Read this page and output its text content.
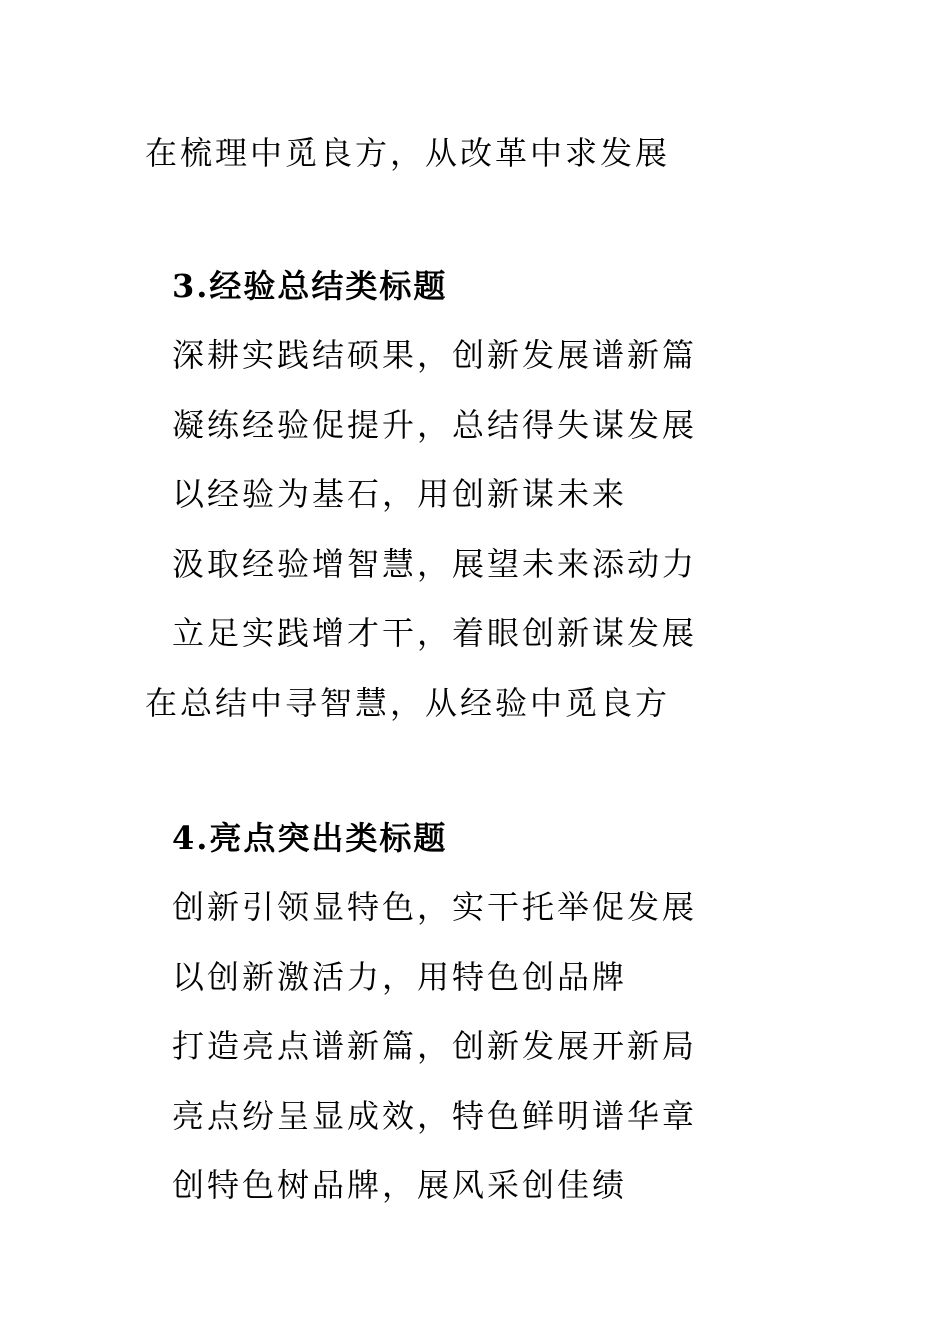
在梳理中觅良方，从改革中求发展
3.经验总结类标题
深耕实践结硕果，创新发展谱新篇
凝练经验促提升，总结得失谋发展
以经验为基石，用创新谋未来
汲取经验增智慧，展望未来添动力
立足实践增才干，着眼创新谋发展
在总结中寻智慧，从经验中觅良方
4.亮点突出类标题
创新引领显特色，实干托举促发展
以创新激活力，用特色创品牌
打造亮点谱新篇，创新发展开新局
亮点纷呈显成效，特色鲜明谱华章
创特色树品牌，展风采创佳绩
